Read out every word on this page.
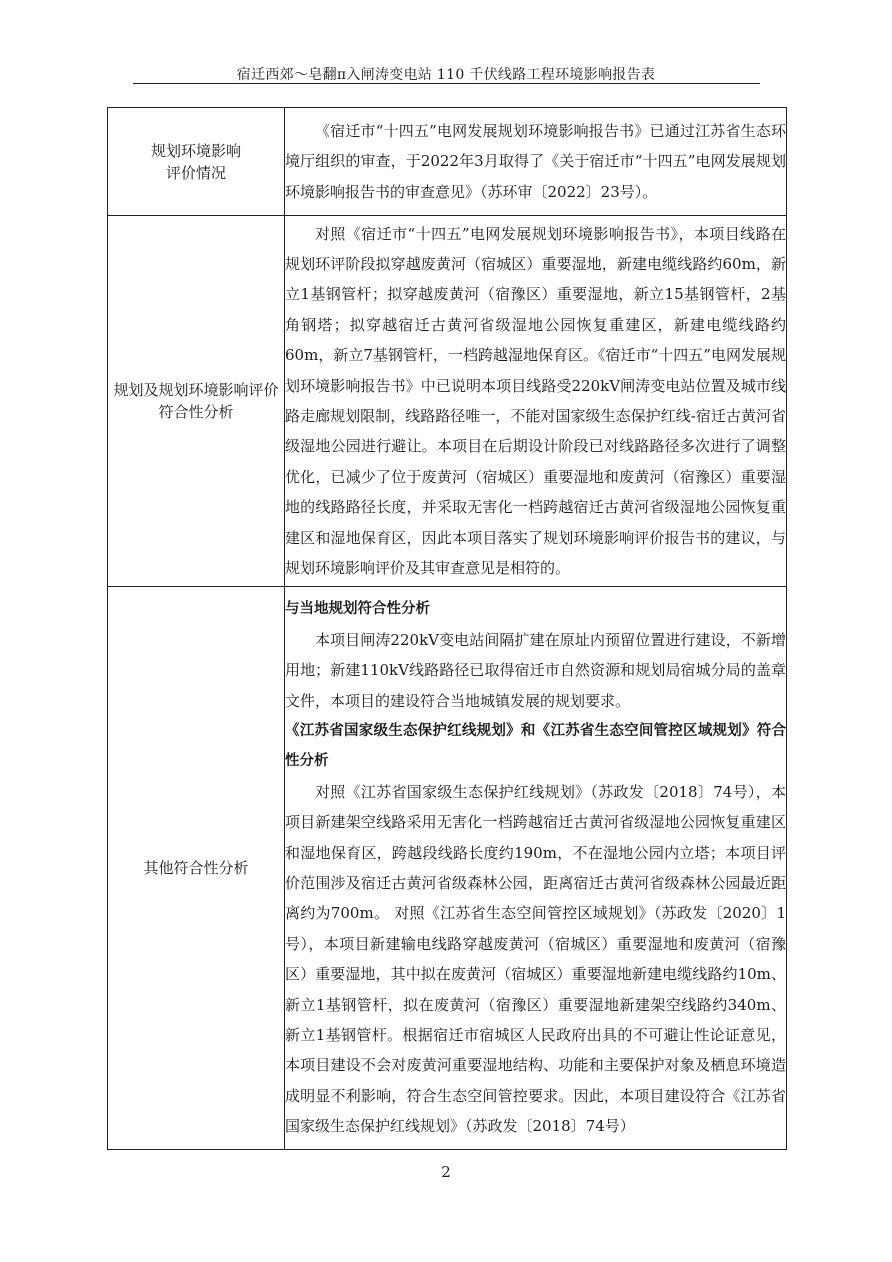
宿迁西郊～皂翻π入闸涛变电站 110 千伏线路工程环境影响报告表
规划环境影响
评价情况	《宿迁市“十四五”电网发展规划环境影响报告书》已通过江苏省生态环境厅组织的审查，于2022年3月取得了《关于宿迁市“十四五”电网发展规划环境影响报告书的审查意见》（苏环审〔2022〕23号）。

规划及规划环境影响评价
符合性分析	对照《宿迁市“十四五”电网发展规划环境影响报告书》，本项目线路在规划环评阶段拟穿越废黄河（宿城区）重要湿地，新建电缆线路约60m，新立1基钢管杆；拟穿越废黄河（宿豫区）重要湿地，新立15基钢管杆，2基角钢塔；拟穿越宿迁古黄河省级湿地公园恢复重建区，新建电缆线路约60m，新立7基钢管杆，一档跨越湿地保育区。《宿迁市“十四五”电网发展规划环境影响报告书》中已说明本项目线路受220kV闸涛变电站位置及城市线路走廊规划限制，线路路径唯一，不能对国家级生态保护红线-宿迁古黄河省级湿地公园进行避让。本项目在后期设计阶段已对线路路径多次进行了调整优化，已减少了位于废黄河（宿城区）重要湿地和废黄河（宿豫区）重要湿地的线路路径长度，并采取无害化一档跨越宿迁古黄河省级湿地公园恢复重建区和湿地保育区，因此本项目落实了规划环境影响评价报告书的建议，与规划环境影响评价及其审查意见是相符的。

其他符合性分析	与当地规划符合性分析

本项目闸涛220kV变电站间隔扩建在原址内预留位置进行建设，不新增用地；新建110kV线路路径已取得宿迁市自然资源和规划局宿城分局的盖章文件，本项目的建设符合当地城镇发展的规划要求。

《江苏省国家级生态保护红线规划》和《江苏省生态空间管控区域规划》符合性分析

对照《江苏省国家级生态保护红线规划》（苏政发〔2018〕74号），本项目新建架空线路采用无害化一档跨越宿迁古黄河省级湿地公园恢复重建区和湿地保育区，跨越段线路长度约190m，不在湿地公园内立塔；本项目评价范围涉及宿迁古黄河省级森林公园，距离宿迁古黄河省级森林公园最近距离约为700m。 对照《江苏省生态空间管控区域规划》（苏政发〔2020〕1号），本项目新建输电线路穿越废黄河（宿城区）重要湿地和废黄河（宿豫区）重要湿地，其中拟在废黄河（宿城区）重要湿地新建电缆线路约10m、新立1基钢管杆，拟在废黄河（宿豫区）重要湿地新建架空线路约340m、新立1基钢管杆。根据宿迁市宿城区人民政府出具的不可避让性论证意见，本项目建设不会对废黄河重要湿地结构、功能和主要保护对象及栖息环境造成明显不利影响，符合生态空间管控要求。因此，本项目建设符合《江苏省国家级生态保护红线规划》（苏政发〔2018〕74号）

2
